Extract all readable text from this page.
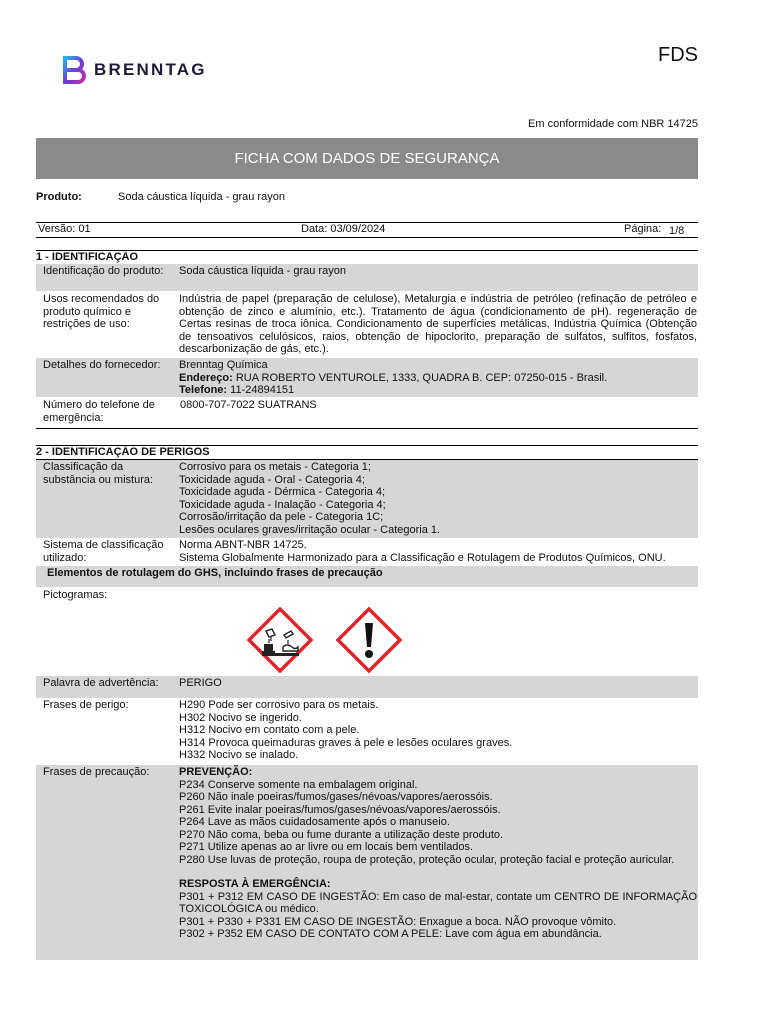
BRENNTAG
FDS
Em conformidade com NBR 14725
FICHA COM DADOS DE SEGURANÇA
Produto:	Soda cáustica líquida - grau rayon
Versão: 01	Data: 03/09/2024	Página: 1/8
1 - IDENTIFICAÇÃO
Identificação do produto:	Soda cáustica líquida - grau rayon
Usos recomendados do produto químico e restrições de uso:
Indústria de papel (preparação de celulose), Metalurgia e indústria de petróleo (refinação de petróleo e obtenção de zinco e alumínio, etc.). Tratamento de água (condicionamento de pH). regeneração de Certas resinas de troca iônica. Condicionamento de superfícies metálicas, Indústria Química (Obtenção de tensoativos celulósicos, raios, obtenção de hipoclorito, preparação de sulfatos, sulfitos, fosfatos, descarbonização de gás, etc.).
Detalhes do fornecedor:	Brenntag Química
Endereço: RUA ROBERTO VENTUROLE, 1333, QUADRA B. CEP: 07250-015 - Brasil.
Telefone: 11-24894151
Número do telefone de emergência:
0800-707-7022 SUATRANS
2 - IDENTIFICAÇÃO DE PERIGOS
Classificação da substância ou mistura:
Corrosivo para os metais - Categoria 1;
Toxicidade aguda - Oral - Categoria 4;
Toxicidade aguda - Dérmica - Categoria 4;
Toxicidade aguda - Inalação - Categoria 4;
Corrosão/irritação da pele - Categoria 1C;
Lesões oculares graves/irritação ocular - Categoria 1.
Sistema de classificação utilizado:
Norma ABNT-NBR 14725.
Sistema Globalmente Harmonizado para a Classificação e Rotulagem de Produtos Químicos, ONU.
Elementos de rotulagem do GHS, incluindo frases de precaução
Pictogramas:
Palavra de advertência:	PERIGO
Frases de perigo:	H290 Pode ser corrosivo para os metais.
H302 Nocivo se ingerido.
H312 Nocivo em contato com a pele.
H314 Provoca queimaduras graves à pele e lesões oculares graves.
H332 Nocivo se inalado.
Frases de precaução:	PREVENÇÃO:
P234 Conserve somente na embalagem original.
P260 Não inale poeiras/fumos/gases/névoas/vapores/aerossóis.
P261 Evite inalar poeiras/fumos/gases/névoas/vapores/aerossóis.
P264 Lave as mãos cuidadosamente após o manuseio.
P270 Não coma, beba ou fume durante a utilização deste produto.
P271 Utilize apenas ao ar livre ou em locais bem ventilados.
P280 Use luvas de proteção, roupa de proteção, proteção ocular, proteção facial e proteção auricular.
RESPOSTA À EMERGÊNCIA:
P301 + P312 EM CASO DE INGESTÃO: Em caso de mal-estar, contate um CENTRO DE INFORMAÇÃO TOXICOLÓGICA ou médico.
P301 + P330 + P331 EM CASO DE INGESTÃO: Enxague a boca. NÃO provoque vômito.
P302 + P352 EM CASO DE CONTATO COM A PELE: Lave com água em abundância.
